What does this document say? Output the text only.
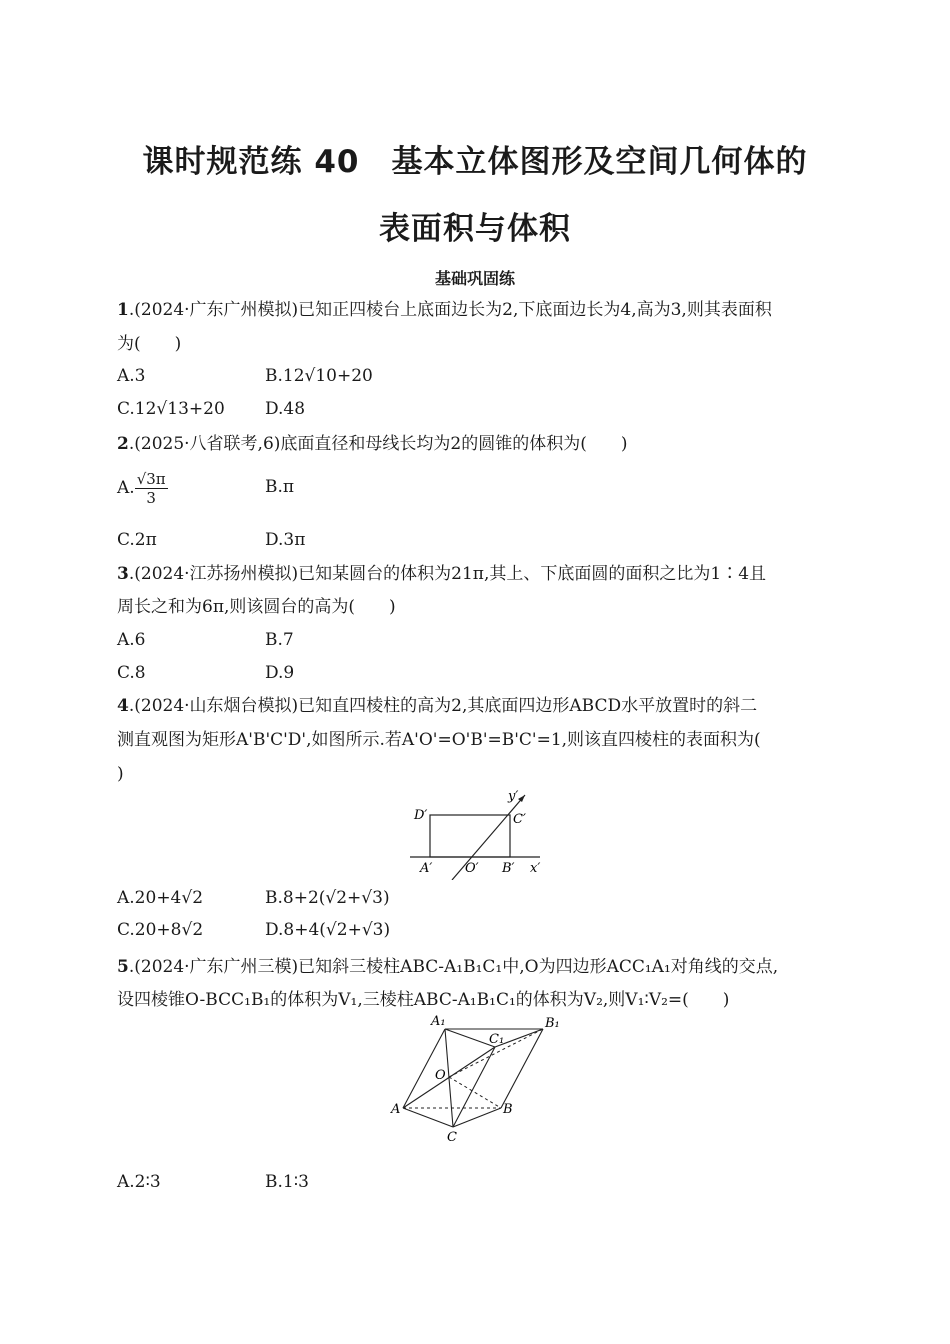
课时规范练 40　基本立体图形及空间几何体的
表面积与体积
基础巩固练
1.(2024·广东广州模拟)已知正四棱台上底面边长为2,下底面边长为4,高为3,则其表面积
为(　　)
A.3	B.12√10+20
C.12√13+20 D.48
2.(2025·八省联考,6)底面直径和母线长均为2的圆锥的体积为(　　)
A. $\frac{√3\pi}{3}$	B.π
C.2π	D.3π
3.(2024·江苏扬州模拟)已知某圆台的体积为21π,其上、下底面圆的面积之比为1∶4且
周长之和为6π,则该圆台的高为(　　)
A.6	B.7
C.8	D.9
4.(2024·山东烟台模拟)已知直四棱柱的高为2,其底面四边形ABCD水平放置时的斜二
测直观图为矩形A'B'C'D',如图所示.若A'O'=O'B'=B'C'=1,则该直四棱柱的表面积为(
)
D′	C′
A′	O′ B′ x′
y′
A.20+4√2	B.8+2(√2+√3)
C.20+8√2	D.8+4(√2+√3)
5.(2024·广东广州三模)已知斜三棱柱ABC-A₁B₁C₁中,O为四边形ACC₁A₁对角线的交点,
设四棱锥O-BCC₁B₁的体积为V₁,三棱柱ABC-A₁B₁C₁的体积为V₂,则V₁∶V₂=(　　)
A₁	B₁
C₁
O
A	B
C
A.2∶3	B.1∶3
